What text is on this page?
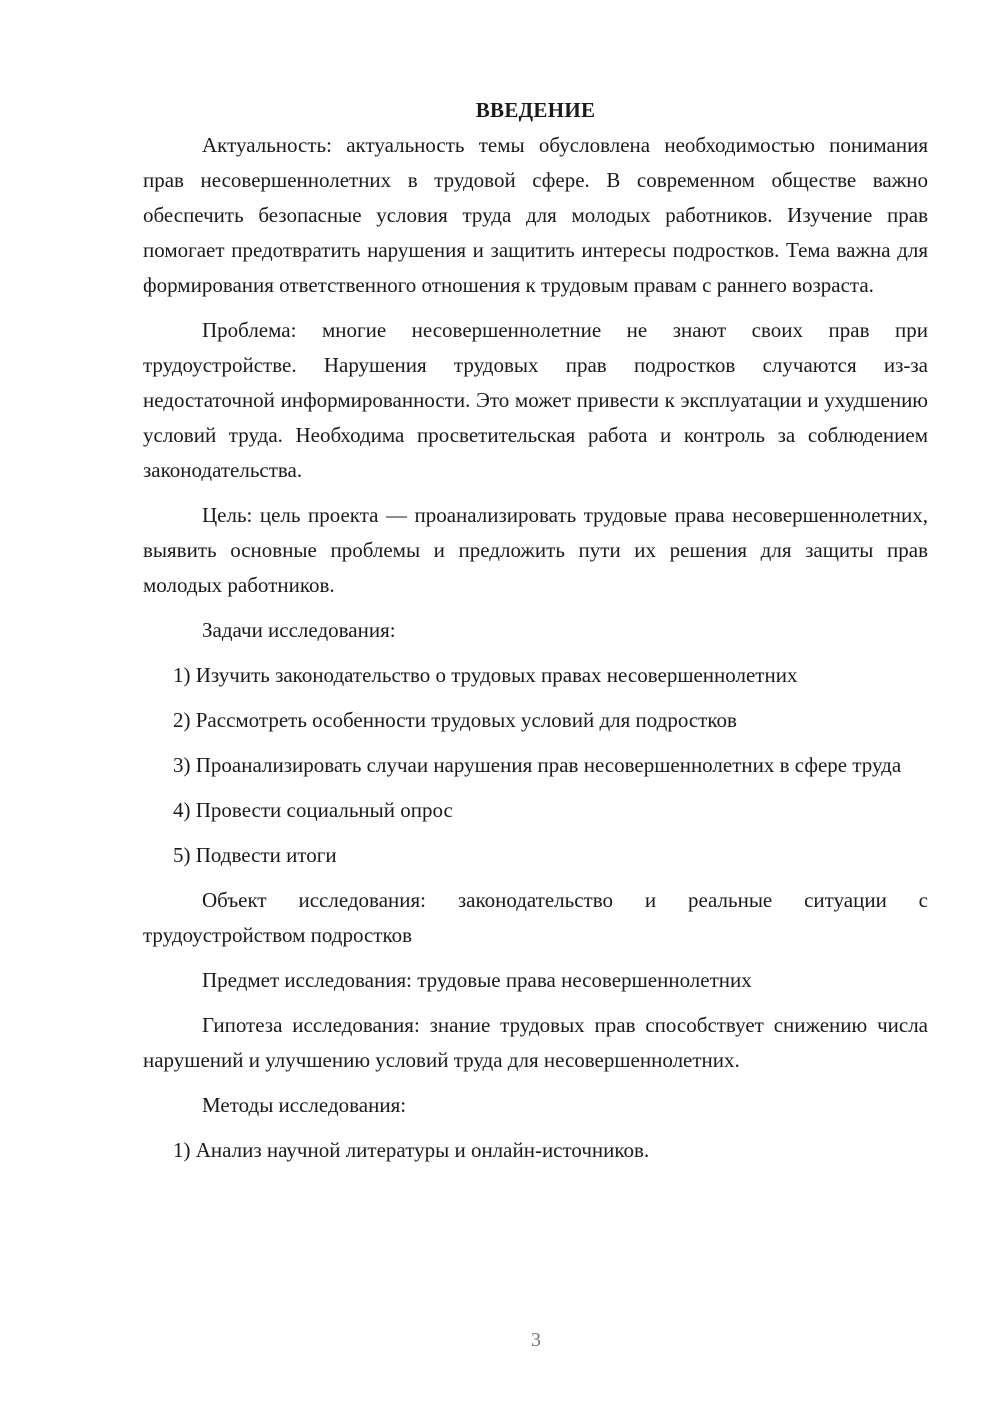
ВВЕДЕНИЕ

Актуальность: актуальность темы обусловлена необходимостью понимания прав несовершеннолетних в трудовой сфере. В современном обществе важно обеспечить безопасные условия труда для молодых работников. Изучение прав помогает предотвратить нарушения и защитить интересы подростков. Тема важна для формирования ответственного отношения к трудовым правам с раннего возраста.

Проблема: многие несовершеннолетние не знают своих прав при трудоустройстве. Нарушения трудовых прав подростков случаются из-за недостаточной информированности. Это может привести к эксплуатации и ухудшению условий труда. Необходима просветительская работа и контроль за соблюдением законодательства.

Цель: цель проекта — проанализировать трудовые права несовершеннолетних, выявить основные проблемы и предложить пути их решения для защиты прав молодых работников.

Задачи исследования:

1) Изучить законодательство о трудовых правах несовершеннолетних

2) Рассмотреть особенности трудовых условий для подростков

3) Проанализировать случаи нарушения прав несовершеннолетних в сфере труда

4) Провести социальный опрос

5) Подвести итоги

Объект исследования: законодательство и реальные ситуации с трудоустройством подростков

Предмет исследования: трудовые права несовершеннолетних

Гипотеза исследования: знание трудовых прав способствует снижению числа нарушений и улучшению условий труда для несовершеннолетних.

Методы исследования:

1) Анализ научной литературы и онлайн-источников.

3
